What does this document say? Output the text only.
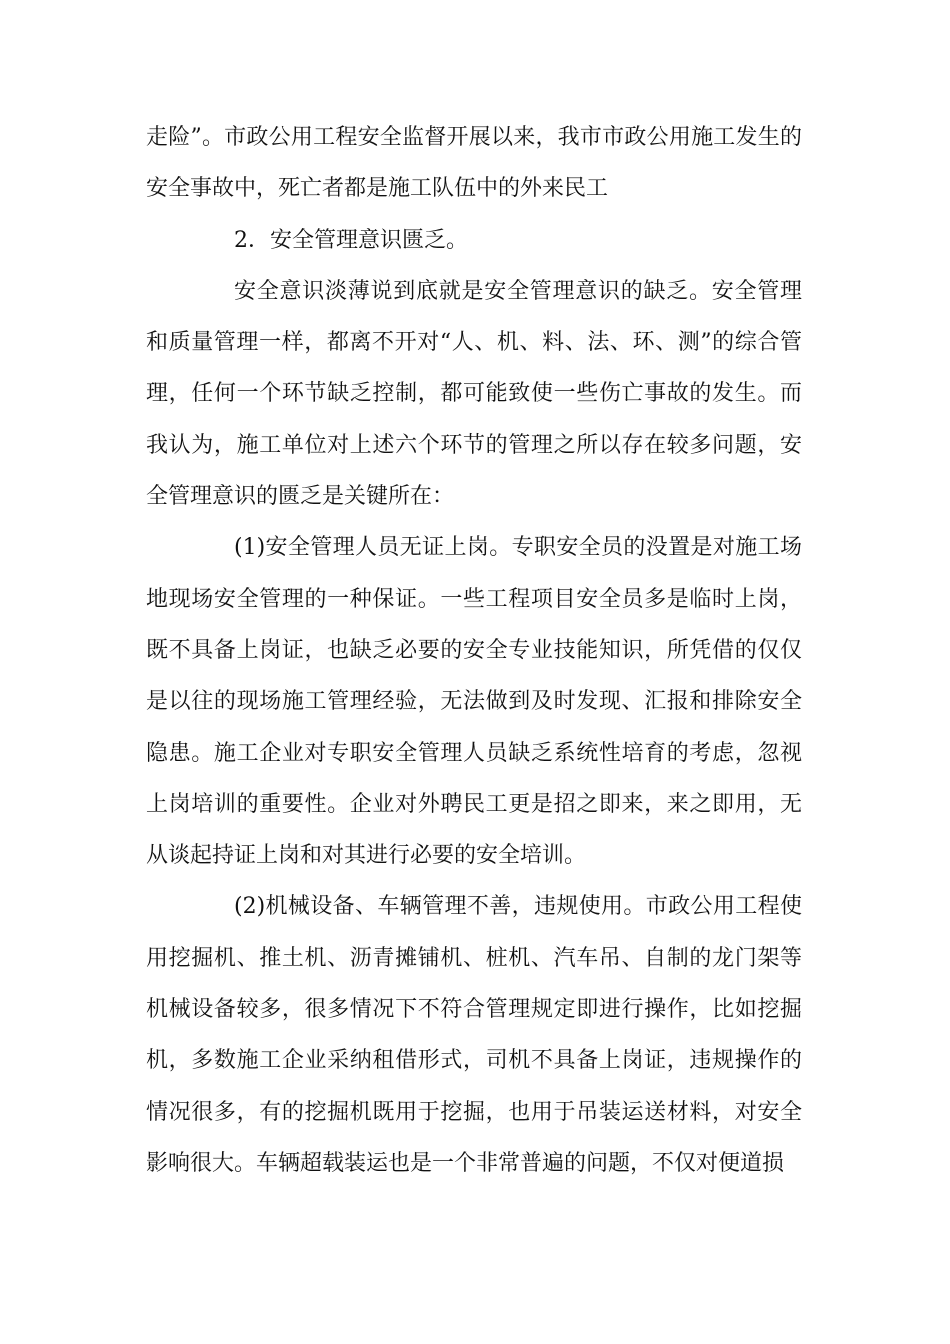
走险”。市政公用工程安全监督开展以来，我市市政公用施工发生的安全事故中，死亡者都是施工队伍中的外来民工

2．安全管理意识匮乏。

安全意识淡薄说到底就是安全管理意识的缺乏。安全管理和质量管理一样，都离不开对“人、机、料、法、环、测”的综合管理，任何一个环节缺乏控制，都可能致使一些伤亡事故的发生。而我认为，施工单位对上述六个环节的管理之所以存在较多问题，安全管理意识的匮乏是关键所在：

(1)安全管理人员无证上岗。专职安全员的没置是对施工场地现场安全管理的一种保证。一些工程项目安全员多是临时上岗，既不具备上岗证，也缺乏必要的安全专业技能知识，所凭借的仅仅是以往的现场施工管理经验，无法做到及时发现、汇报和排除安全隐患。施工企业对专职安全管理人员缺乏系统性培育的考虑，忽视上岗培训的重要性。企业对外聘民工更是招之即来，来之即用，无从谈起持证上岗和对其进行必要的安全培训。

(2)机械设备、车辆管理不善，违规使用。市政公用工程使用挖掘机、推土机、沥青摊铺机、桩机、汽车吊、自制的龙门架等机械设备较多，很多情况下不符合管理规定即进行操作，比如挖掘机，多数施工企业采纳租借形式，司机不具备上岗证，违规操作的情况很多，有的挖掘机既用于挖掘，也用于吊装运送材料，对安全影响很大。车辆超载装运也是一个非常普遍的问题，不仅对便道损
